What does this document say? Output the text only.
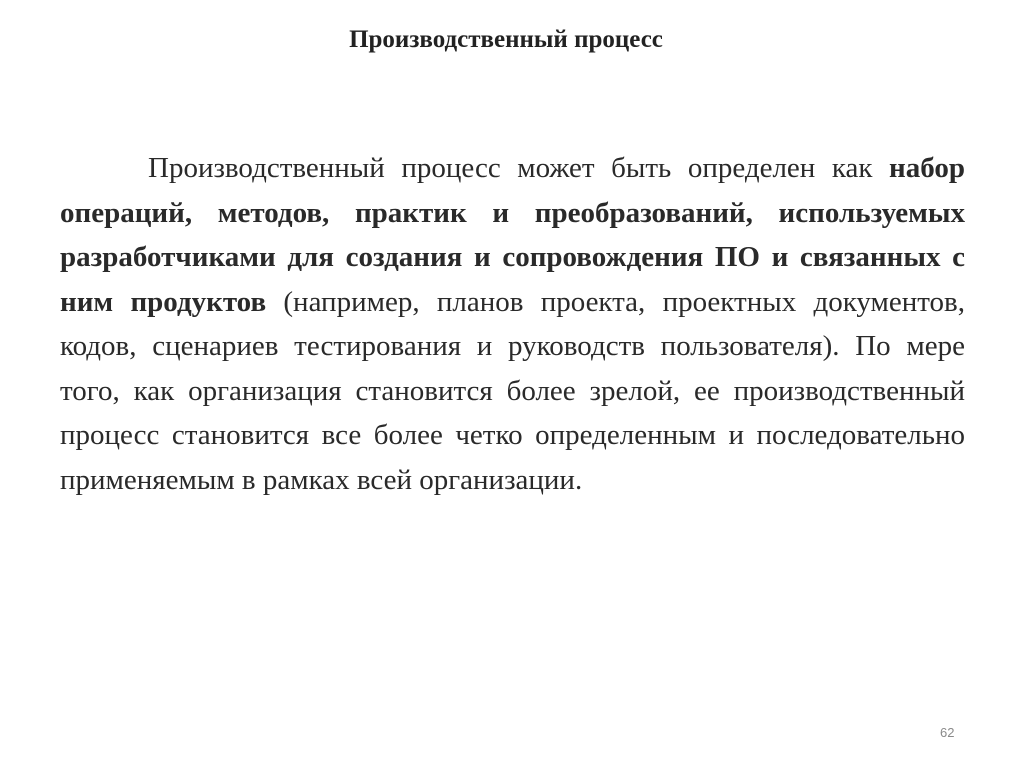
Производственный процесс

Производственный процесс может быть определен как набор операций, методов, практик и преобразований, используемых разработчиками для создания и сопровождения ПО и связанных с ним продуктов (например, планов проекта, проектных документов, кодов, сценариев тестирования и руководств пользователя). По мере того, как организация становится более зрелой, ее производственный процесс становится все более четко определенным и последовательно применяемым в рамках всей организации.

62
